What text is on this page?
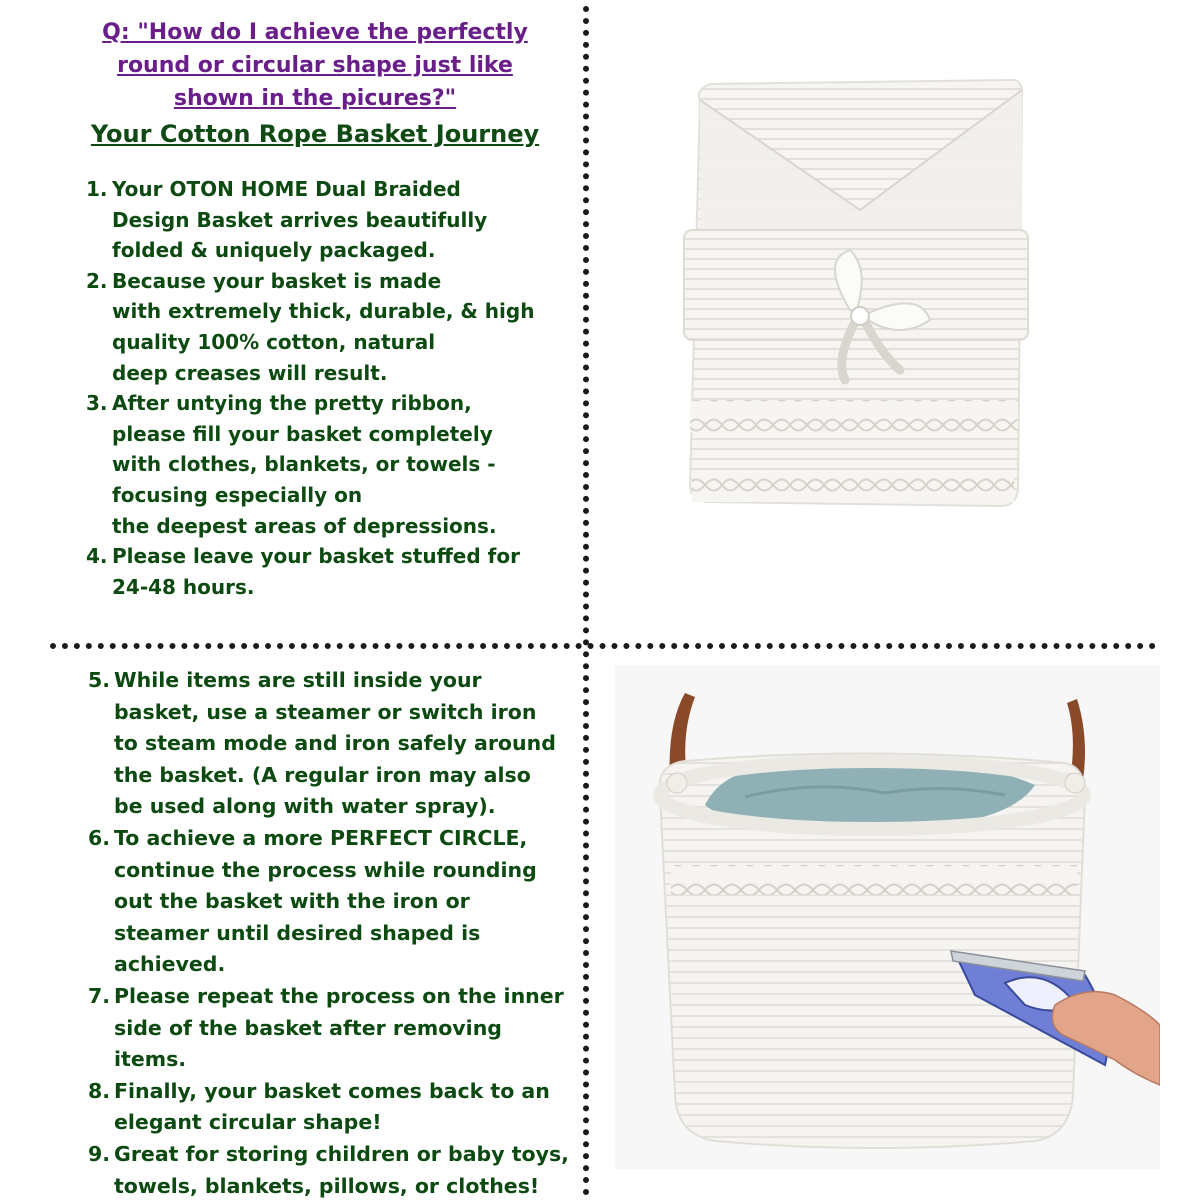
Q: "How do I achieve the perfectly
round or circular shape just like
shown in the picures?"
Your Cotton Rope Basket Journey
1. Your OTON HOME Dual Braided
Design Basket arrives beautifully
folded & uniquely packaged.
2. Because your basket is made
with extremely thick, durable, & high
quality 100% cotton, natural
deep creases will result.
3. After untying the pretty ribbon,
please fill your basket completely
with clothes, blankets, or towels -
focusing especially on
the deepest areas of depressions.
4. Please leave your basket stuffed for
24-48 hours.
5. While items are still inside your
basket, use a steamer or switch iron
to steam mode and iron safely around
the basket. (A regular iron may also
be used along with water spray).
6. To achieve a more PERFECT CIRCLE,
continue the process while rounding
out the basket with the iron or
steamer until desired shaped is
achieved.
7. Please repeat the process on the inner
side of the basket after removing
items.
8. Finally, your basket comes back to an
elegant circular shape!
9. Great for storing children or baby toys,
towels, blankets, pillows, or clothes!
